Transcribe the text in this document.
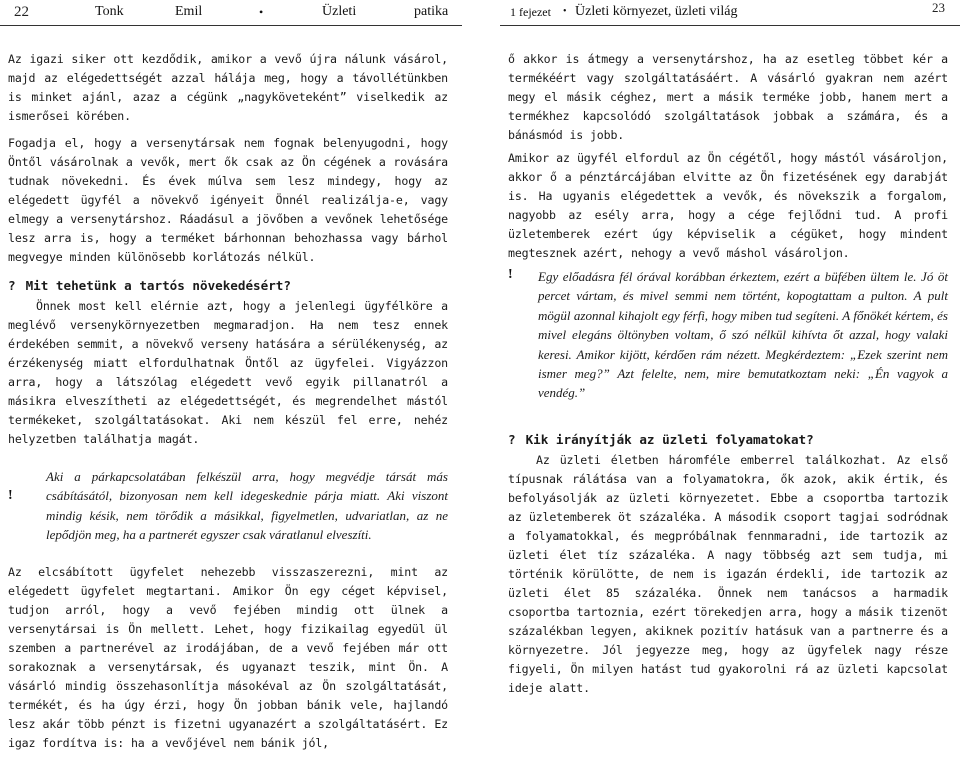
22	Tonk	Emil	•	Üzleti	patika	1 fejezet • Üzleti környezet, üzleti világ	23

Az igazi siker ott kezdődik, amikor a vevő újra nálunk vásárol, majd az elégedettségét azzal hálája meg, hogy a távollétünkben is minket ajánl, azaz a cégünk „nagyköveteként” viselkedik az ismerősei körében.

Fogadja el, hogy a versenytársak nem fognak belenyugodni, hogy Öntől vásárolnak a vevők, mert ők csak az Ön cégének a rovására tudnak növekedni. És évek múlva sem lesz mindegy, hogy az elégedett ügyfél a növekvő igényeit Önnél realizálja-e, vagy elmegy a versenytárshoz. Ráadásul a jövőben a vevőnek lehetősége lesz arra is, hogy a terméket bárhonnan behozhassa vagy bárhol megvegye minden különösebb korlátozás nélkül.

? Mit tehetünk a tartós növekedésért?

Önnek most kell elérnie azt, hogy a jelenlegi ügyfélköre a meglévő versenykörnyezetben megmaradjon. Ha nem tesz ennek érdekében semmit, a növekvő verseny hatására a sérülékenység, az érzékenység miatt elfordulhatnak Öntől az ügyfelei. Vigyázzon arra, hogy a látszólag elégedett vevő egyik pillanatról a másikra elveszítheti az elégedettségét, és megrendelhet mástól termékeket, szolgáltatásokat. Aki nem készül fel erre, nehéz helyzetben találhatja magát.

!

Aki a párkapcsolatában felkészül arra, hogy megvédje társát más csábításától, bizonyosan nem kell idegeskednie párja miatt. Aki viszont mindig késik, nem törődik a másikkal, figyelmetlen, udvariatlan, az ne lepődjön meg, ha a partnerét egyszer csak váratlanul elveszíti.

Az elcsábított ügyfelet nehezebb visszaszerezni, mint az elégedett ügyfelet megtartani. Amikor Ön egy céget képvisel, tudjon arról, hogy a vevő fejében mindig ott ülnek a versenytársai is Ön mellett. Lehet, hogy fizikailag egyedül ül szemben a partnerével az irodájában, de a vevő fejében már ott sorakoznak a versenytársak, és ugyanazt teszik, mint Ön. A vásárló mindig összehasonlítja másokéval az Ön szolgáltatását, termékét, és ha úgy érzi, hogy Ön jobban bánik vele, hajlandó lesz akár több pénzt is fizetni ugyanazért a szolgáltatásért. Ez igaz fordítva is: ha a vevőjével nem bánik jól,

ő akkor is átmegy a versenytárshoz, ha az esetleg többet kér a termékéért vagy szolgáltatásáért. A vásárló gyakran nem azért megy el másik céghez, mert a másik terméke jobb, hanem mert a termékhez kapcsolódó szolgáltatások jobbak a számára, és a bánásmód is jobb.

Amikor az ügyfél elfordul az Ön cégétől, hogy mástól vásároljon, akkor ő a pénztárcájában elvitte az Ön fizetésének egy darabját is. Ha ugyanis elégedettek a vevők, és növekszik a forgalom, nagyobb az esély arra, hogy a cége fejlődni tud. A profi üzletemberek ezért úgy képviselik a cégüket, hogy mindent megtesznek azért, nehogy a vevő máshol vásároljon.

! Egy előadásra fél órával korábban érkeztem, ezért a büfében ültem le. Jó öt percet vártam, és mivel semmi nem történt, kopogtattam a pulton. A pult mögül azonnal kihajolt egy férfi, hogy miben tud segíteni. A főnökét kértem, és mivel elegáns öltönyben voltam, ő szó nélkül kihívta őt azzal, hogy valaki keresi. Amikor kijött, kérdően rám nézett. Megkérdeztem: „Ezek szerint nem ismer meg?” Azt felelte, nem, mire bemutatkoztam neki: „Én vagyok a vendég.”

? Kik irányítják az üzleti folyamatokat?

Az üzleti életben háromféle emberrel találkozhat. Az első típusnak rálátása van a folyamatokra, ők azok, akik értik, és befolyásolják az üzleti környezetet. Ebbe a csoportba tartozik az üzletemberek öt százaléka. A második csoport tagjai sodródnak a folyamatokkal, és megpróbálnak fennmaradni, ide tartozik az üzleti élet tíz százaléka. A nagy többség azt sem tudja, mi történik körülötte, de nem is igazán érdekli, ide tartozik az üzleti élet 85 százaléka. Önnek nem tanácsos a harmadik csoportba tartoznia, ezért törekedjen arra, hogy a másik tizenöt százalékban legyen, akiknek pozitív hatásuk van a partnerre és a környezetre. Jól jegyezze meg, hogy az ügyfelek nagy része figyeli, Ön milyen hatást tud gyakorolni rá az üzleti kapcsolat ideje alatt.
